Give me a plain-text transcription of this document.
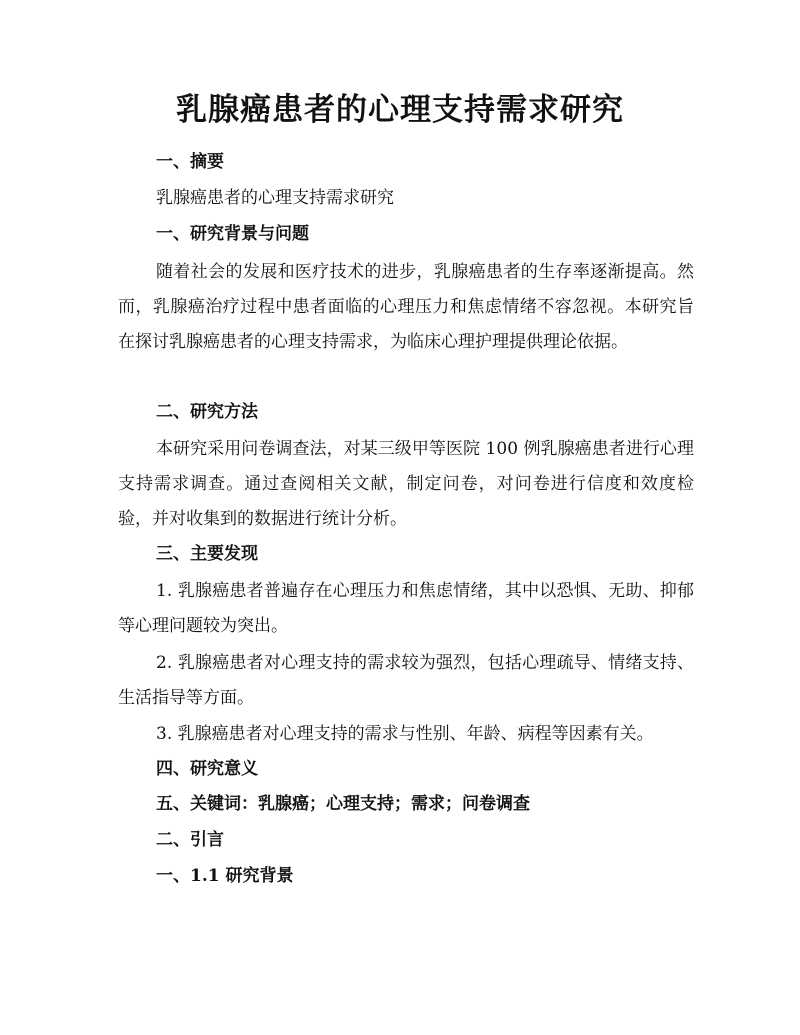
乳腺癌患者的心理支持需求研究
一、摘要
乳腺癌患者的心理支持需求研究
一、研究背景与问题

随着社会的发展和医疗技术的进步，乳腺癌患者的生存率逐渐提高。然而，乳腺癌治疗过程中患者面临的心理压力和焦虑情绪不容忽视。本研究旨在探讨乳腺癌患者的心理支持需求，为临床心理护理提供理论依据。

二、研究方法

本研究采用问卷调查法，对某三级甲等医院 100 例乳腺癌患者进行心理支持需求调查。通过查阅相关文献，制定问卷，对问卷进行信度和效度检验，并对收集到的数据进行统计分析。

三、主要发现

1. 乳腺癌患者普遍存在心理压力和焦虑情绪，其中以恐惧、无助、抑郁等心理问题较为突出。

2. 乳腺癌患者对心理支持的需求较为强烈，包括心理疏导、情绪支持、生活指导等方面。

3. 乳腺癌患者对心理支持的需求与性别、年龄、病程等因素有关。

四、研究意义
五、关键词：乳腺癌；心理支持；需求；问卷调查
二、引言
一、1.1 研究背景
